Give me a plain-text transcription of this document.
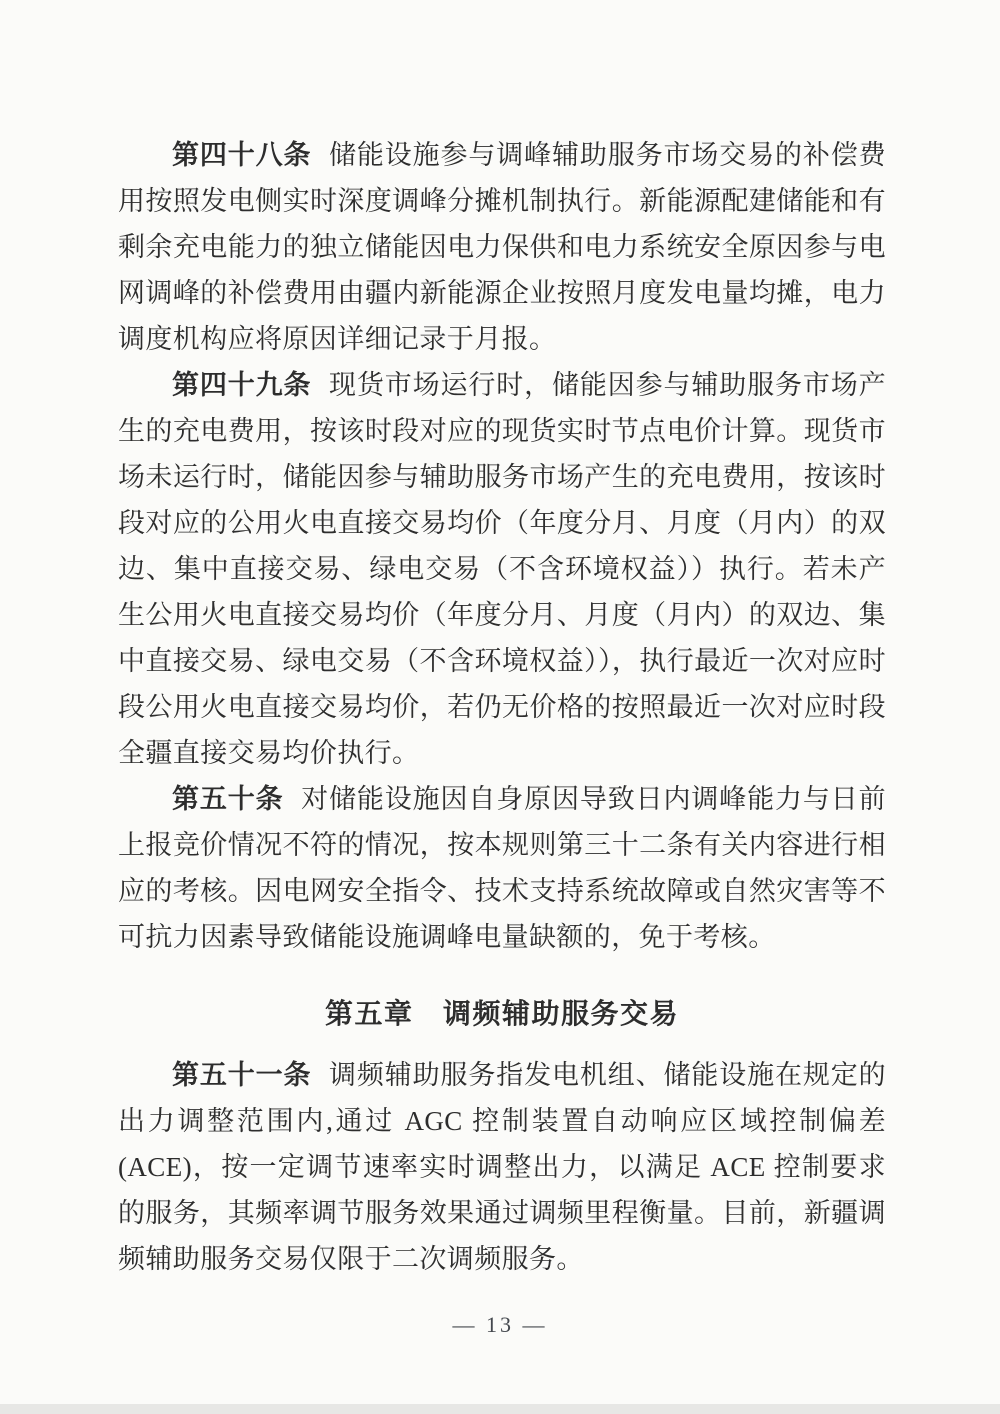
第四十八条 储能设施参与调峰辅助服务市场交易的补偿费用按照发电侧实时深度调峰分摊机制执行。新能源配建储能和有剩余充电能力的独立储能因电力保供和电力系统安全原因参与电网调峰的补偿费用由疆内新能源企业按照月度发电量均摊，电力调度机构应将原因详细记录于月报。

第四十九条 现货市场运行时，储能因参与辅助服务市场产生的充电费用，按该时段对应的现货实时节点电价计算。现货市场未运行时，储能因参与辅助服务市场产生的充电费用，按该时段对应的公用火电直接交易均价（年度分月、月度（月内）的双边、集中直接交易、绿电交易（不含环境权益））执行。若未产生公用火电直接交易均价（年度分月、月度（月内）的双边、集中直接交易、绿电交易（不含环境权益）），执行最近一次对应时段公用火电直接交易均价，若仍无价格的按照最近一次对应时段全疆直接交易均价执行。

第五十条 对储能设施因自身原因导致日内调峰能力与日前上报竞价情况不符的情况，按本规则第三十二条有关内容进行相应的考核。因电网安全指令、技术支持系统故障或自然灾害等不可抗力因素导致储能设施调峰电量缺额的，免于考核。

第五章　调频辅助服务交易

第五十一条 调频辅助服务指发电机组、储能设施在规定的出力调整范围内,通过 AGC 控制装置自动响应区域控制偏差(ACE)，按一定调节速率实时调整出力，以满足 ACE 控制要求的服务，其频率调节服务效果通过调频里程衡量。目前，新疆调频辅助服务交易仅限于二次调频服务。

— 13 —
